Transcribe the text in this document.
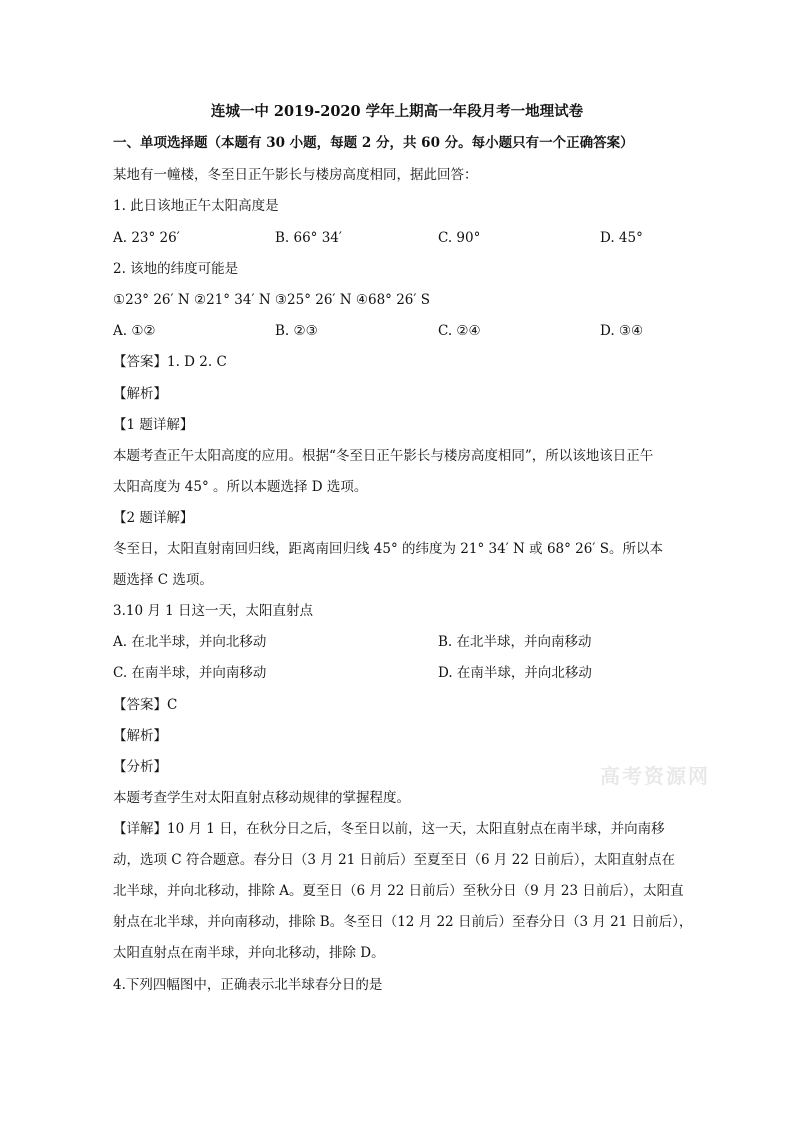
连城一中 2019-2020 学年上期高一年段月考一地理试卷
一、单项选择题（本题有 30 小题，每题 2 分，共 60 分。每小题只有一个正确答案）
某地有一幢楼，冬至日正午影长与楼房高度相同，据此回答：
1. 此日该地正午太阳高度是
A. 23° 26′	B. 66° 34′	C. 90°	D. 45°
2. 该地的纬度可能是
①23° 26′ N ②21° 34′ N ③25° 26′ N ④68° 26′ S
A. ①②	B. ②③	C. ②④	D. ③④
【答案】1. D 2. C
【解析】
【1 题详解】
本题考查正午太阳高度的应用。根据“冬至日正午影长与楼房高度相同”，所以该地该日正午
太阳高度为 45° 。所以本题选择 D 选项。
【2 题详解】
冬至日，太阳直射南回归线，距离南回归线 45° 的纬度为 21° 34′ N 或 68° 26′ S。所以本
题选择 C 选项。
3.10 月 1 日这一天，太阳直射点
A. 在北半球，并向北移动	B. 在北半球，并向南移动
C. 在南半球，并向南移动	D. 在南半球，并向北移动
【答案】C
【解析】
【分析】
本题考查学生对太阳直射点移动规律的掌握程度。
【详解】10 月 1 日，在秋分日之后，冬至日以前，这一天，太阳直射点在南半球，并向南移
动，选项 C 符合题意。春分日（3 月 21 日前后）至夏至日（6 月 22 日前后），太阳直射点在
北半球，并向北移动，排除 A。夏至日（6 月 22 日前后）至秋分日（9 月 23 日前后），太阳直
射点在北半球，并向南移动，排除 B。冬至日（12 月 22 日前后）至春分日（3 月 21 日前后），
太阳直射点在南半球，并向北移动，排除 D。
4.下列四幅图中，正确表示北半球春分日的是
高考资源网
